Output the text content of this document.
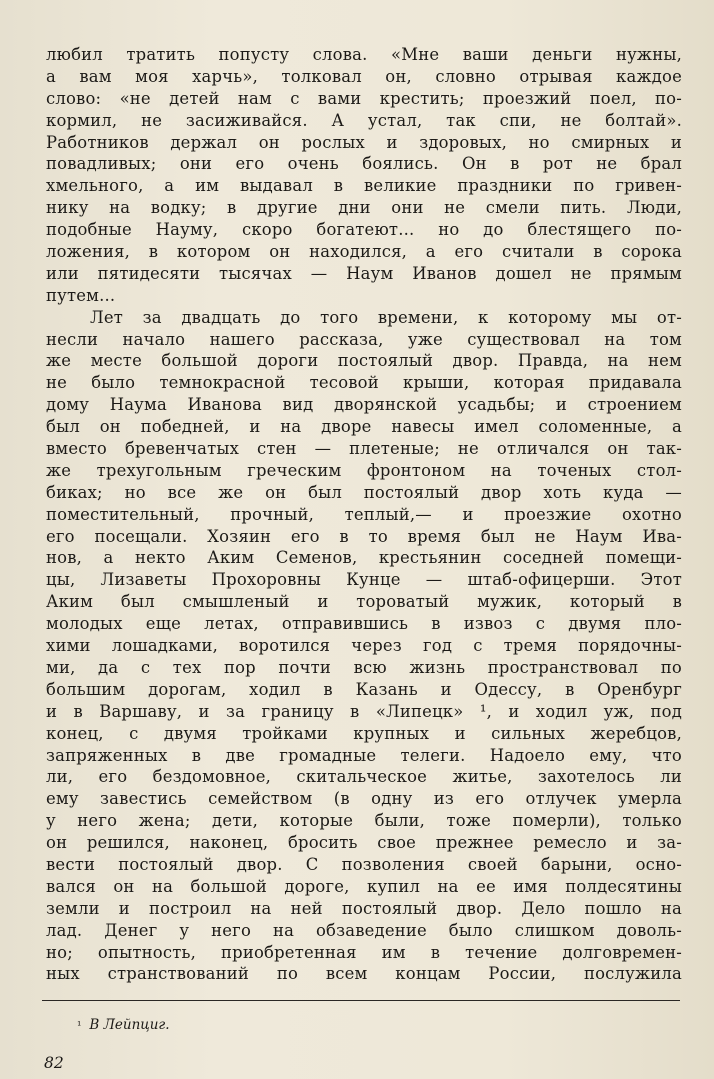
любил тратить попусту слова. «Мне ваши деньги нужны,
а вам моя харчь», толковал он, словно отрывая каждое
слово: «не детей нам с вами крестить; проезжий поел, по-
кормил, не засиживайся. А устал, так спи, не болтай».
Работников держал он рослых и здоровых, но смирных и
повадливых; они его очень боялись. Он в рот не брал
хмельного, а им выдавал в великие праздники по гривен-
нику на водку; в другие дни они не смели пить. Люди,
подобные Науму, скоро богатеют... но до блестящего по-
ложения, в котором он находился, а его считали в сорока
или пятидесяти тысячах — Наум Иванов дошел не прямым
путем...
Лет за двадцать до того времени, к которому мы от-
несли начало нашего рассказа, уже существовал на том
же месте большой дороги постоялый двор. Правда, на нем
не было темнокрасной тесовой крыши, которая придавала
дому Наума Иванова вид дворянской усадьбы; и строением
был он победней, и на дворе навесы имел соломенные, а
вместо бревенчатых стен — плетеные; не отличался он так-
же трехугольным греческим фронтоном на точеных стол-
биках; но все же он был постоялый двор хоть куда —
поместительный, прочный, теплый,— и проезжие охотно
его посещали. Хозяин его в то время был не Наум Ива-
нов, а некто Аким Семенов, крестьянин соседней помещи-
цы, Лизаветы Прохоровны Кунце — штаб-офицерши. Этот
Аким был смышленый и тороватый мужик, который в
молодых еще летах, отправившись в извоз с двумя пло-
хими лошадками, воротился через год с тремя порядочны-
ми, да с тех пор почти всю жизнь пространствовал по
большим дорогам, ходил в Казань и Одессу, в Оренбург
и в Варшаву, и за границу в «Липецк» ¹, и ходил уж, под
конец, с двумя тройками крупных и сильных жеребцов,
запряженных в две громадные телеги. Надоело ему, что
ли, его бездомовное, скитальческое житье, захотелось ли
ему завестись семейством (в одну из его отлучек умерла
у него жена; дети, которые были, тоже померли), только
он решился, наконец, бросить свое прежнее ремесло и за-
вести постоялый двор. С позволения своей барыни, осно-
вался он на большой дороге, купил на ее имя полдесятины
земли и построил на ней постоялый двор. Дело пошло на
лад. Денег у него на обзаведение было слишком доволь-
но; опытность, приобретенная им в течение долговремен-
ных странствований по всем концам России, послужила
¹ В Лейпциг.
82
